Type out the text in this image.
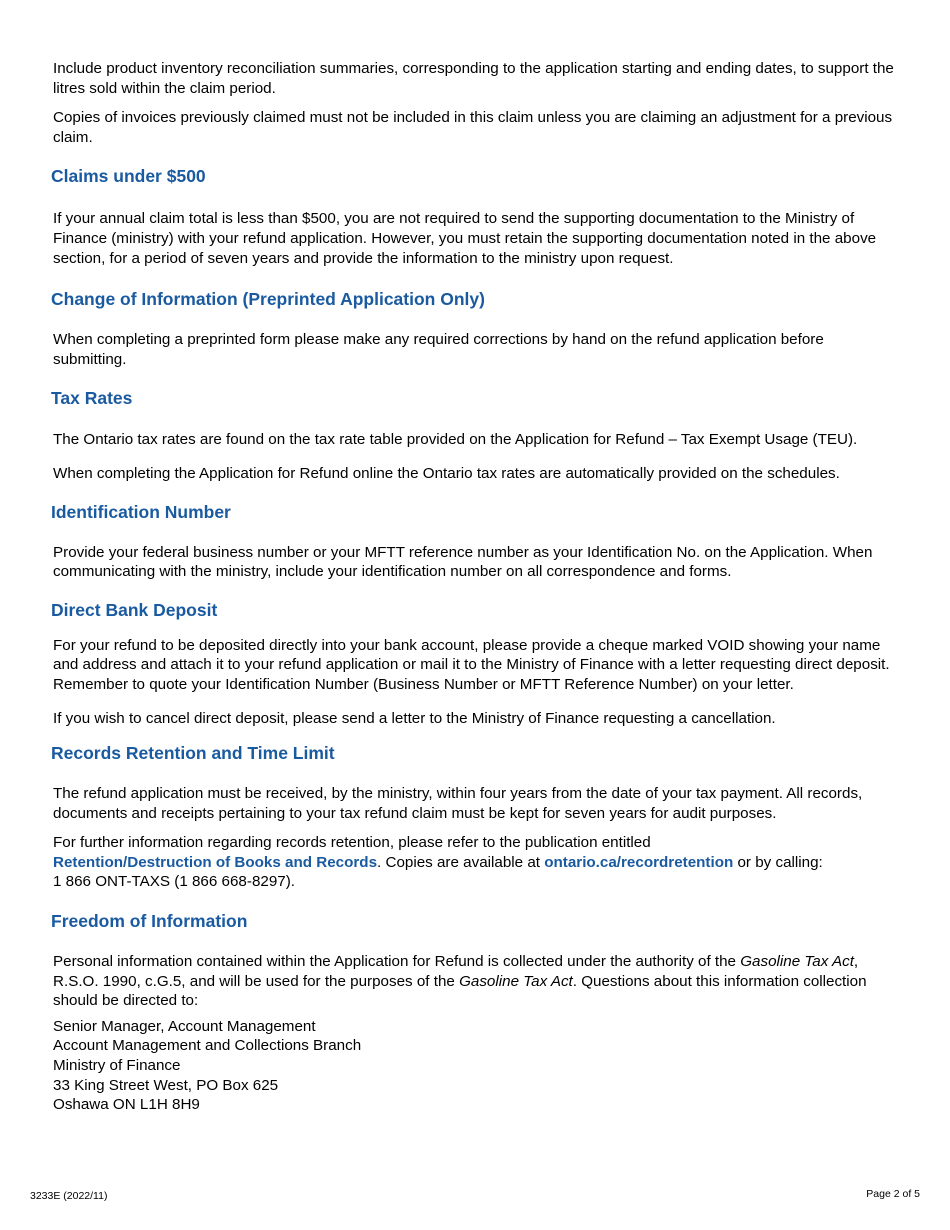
Include product inventory reconciliation summaries, corresponding to the application starting and ending dates, to support the litres sold within the claim period.

Copies of invoices previously claimed must not be included in this claim unless you are claiming an adjustment for a previous claim.

Claims under $500

If your annual claim total is less than $500, you are not required to send the supporting documentation to the Ministry of Finance (ministry) with your refund application. However, you must retain the supporting documentation noted in the above section, for a period of seven years and provide the information to the ministry upon request.

Change of Information (Preprinted Application Only)

When completing a preprinted form please make any required corrections by hand on the refund application before submitting.

Tax Rates

The Ontario tax rates are found on the tax rate table provided on the Application for Refund – Tax Exempt Usage (TEU).

When completing the Application for Refund online the Ontario tax rates are automatically provided on the schedules.

Identification Number

Provide your federal business number or your MFTT reference number as your Identification No. on the Application. When communicating with the ministry, include your identification number on all correspondence and forms.

Direct Bank Deposit

For your refund to be deposited directly into your bank account, please provide a cheque marked VOID showing your name and address and attach it to your refund application or mail it to the Ministry of Finance with a letter requesting direct deposit. Remember to quote your Identification Number (Business Number or MFTT Reference Number) on your letter.

If you wish to cancel direct deposit, please send a letter to the Ministry of Finance requesting a cancellation.

Records Retention and Time Limit

The refund application must be received, by the ministry, within four years from the date of your tax payment. All records, documents and receipts pertaining to your tax refund claim must be kept for seven years for audit purposes.

For further information regarding records retention, please refer to the publication entitled
Retention/Destruction of Books and Records. Copies are available at ontario.ca/recordretention or by calling:
1 866 ONT-TAXS (1 866 668-8297).

Freedom of Information

Personal information contained within the Application for Refund is collected under the authority of the Gasoline Tax Act, R.S.O. 1990, c.G.5, and will be used for the purposes of the Gasoline Tax Act. Questions about this information collection should be directed to:

Senior Manager, Account Management
Account Management and Collections Branch
Ministry of Finance
33 King Street West, PO Box 625
Oshawa ON L1H 8H9

3233E (2022/11)	Page 2 of 5
